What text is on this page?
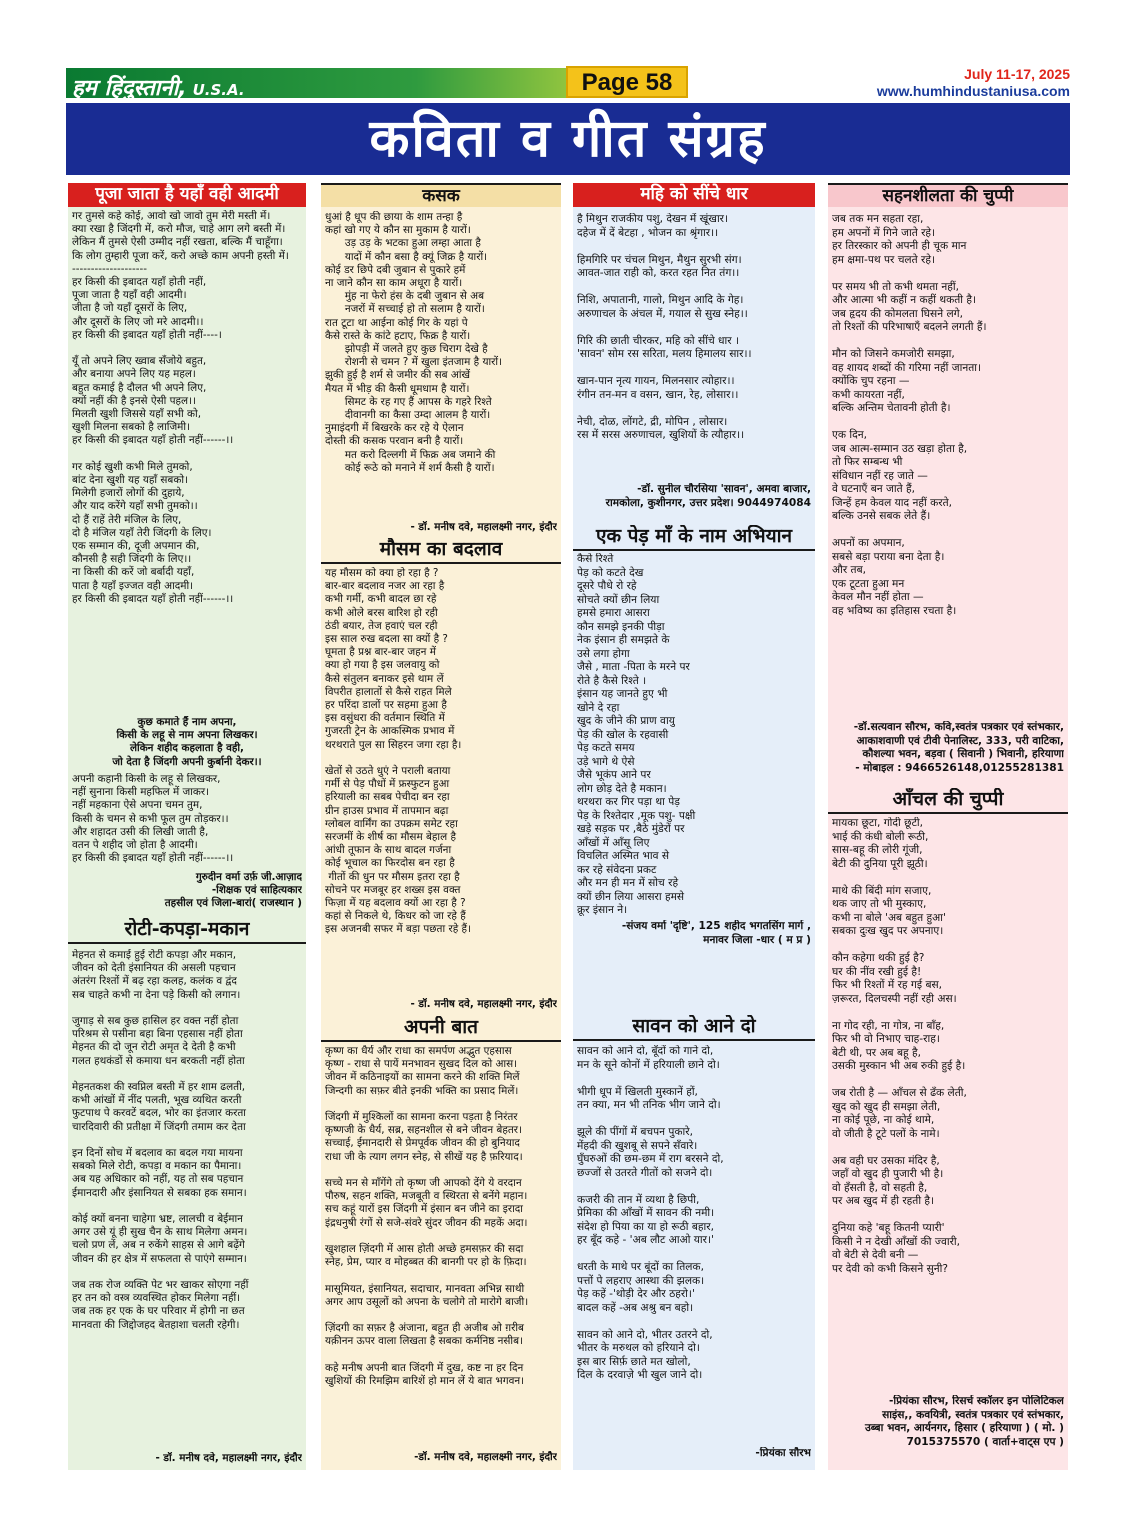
हम हिंदुस्तानी, U.S.A.	Page 58	July 11-17, 2025
www.humhindustaniusa.com
कविता व गीत संग्रह
पूजा जाता है यहाँ वही आदमी
गर तुमसे कहे कोई, आवो खो जावो तुम मेरी मस्ती में।
क्या रखा है जिंदगी में, करो मौज, चाहे आग लगे बस्ती में।
लेकिन मैं तुमसे ऐसी उम्मीद नहीं रखता, बल्कि मैं चाहूँगा।
कि लोग तुम्हारी पूजा करें, करो अच्छे काम अपनी हस्ती में।
--------------------
हर किसी की इबादत यहाँ होती नहीं,
पूजा जाता है यहाँ वही आदमी।
जीता है जो यहाँ दूसरों के लिए,
और दूसरों के लिए जो मरे आदमी।।
हर किसी की इबादत यहाँ होती नहीं----।

यूँ तो अपने लिए ख्वाब सँजोये बहुत,
और बनाया अपने लिए यह महल।
बहुत कमाई है दौलत भी अपने लिए,
क्यों नहीं की है इनसे ऐसी पहल।।
मिलती खुशी जिससे यहाँ सभी को,
खुशी मिलना सबको है लाजिमी।
हर किसी की इबादत यहाँ होती नहीं------।।

गर कोई खुशी कभी मिले तुमको,
बांट देना खुशी यह यहाँ सबको।
मिलेगी हजारों लोगों की दुहाये,
और याद करेंगे यहाँ सभी तुमको।।
दो हैं राहें तेरी मंजिल के लिए,
दो है मंजिल यहाँ तेरी जिंदगी के लिए।
एक सम्मान की, दूजी अपमान की,
कौनसी है सही जिंदगी के लिए।।
ना किसी की करें जो बर्बादी यहाँ,
पाता है यहाँ इज्जत वही आदमी।
हर किसी की इबादत यहाँ होती नहीं------।।
कुछ कमाते हैं नाम अपना,
किसी के लहू से नाम अपना लिखकर।
लेकिन शहीद कहलाता है वही,
जो देता है जिंदगी अपनी कुर्बानी देकर।।
अपनी कहानी किसी के लहू से लिखकर,
नहीं सुनाना किसी महफिल में जाकर।
नहीं महकाना ऐसे अपना चमन तुम,
किसी के चमन से कभी फूल तुम तोड़कर।।
और शहादत उसी की लिखी जाती है,
वतन पे शहीद जो होता है आदमी।
हर किसी की इबादत यहाँ होती नहीं------।।
गुरुदीन वर्मा उर्फ़ जी.आज़ाद
-शिक्षक एवं साहित्यकार
तहसील एवं जिला-बारां( राजस्थान )
रोटी-कपड़ा-मकान
मेहनत से कमाई हुई रोटी कपड़ा और मकान,
जीवन को देती इंसानियत की असली पहचान
अंतरंग रिश्तों में बढ़ रहा कलह, कलंक व द्वंद
सब चाहते कभी ना देना पड़े किसी को लगान।

जुगाड़ से सब कुछ हासिल हर वक्त नहीं होता
परिश्रम से पसीना बहा बिना एहसास नहीं होता
मेहनत की दो जून रोटी अमृत दे देती है कभी
गलत हथकंडों से कमाया धन बरकती नहीं होता

मेहनतकश की स्वप्निल बस्ती में हर शाम ढलती,
कभी आंखों में नींद पलती, भूख व्यथित करती
फुटपाथ पे करवटें बदल, भोर का इंतजार करता
चारदिवारी की प्रतीक्षा में जिंदगी तमाम कर देता

इन दिनों सोच में बदलाव का बदल गया मायना
सबको मिले रोटी, कपड़ा व मकान का पैमाना।
अब यह अधिकार को नहीं, यह तो सब पहचान
ईमानदारी और इंसानियत से सबका हक समान।

कोई क्यों बनना चाहेगा भ्रष्ट, लालची व बेईमान
अगर उसे यूं ही सुख चैन के साथ मिलेगा अमन।
चलो प्रण लें, अब न रुकेंगे साहस से आगे बढ़ेंगे
जीवन की हर क्षेत्र में सफलता से पाएंगे सम्मान।

जब तक रोज व्यक्ति पेट भर खाकर सोएगा नहीं
हर तन को वस्त्र व्यवस्थित होकर मिलेगा नहीं।
जब तक हर एक के घर परिवार में होगी ना छत
मानवता की जिद्दोजहद बेतहाशा चलती रहेगी।
- डॉ. मनीष दवे, महालक्ष्मी नगर, इंदौर
कसक
धुआं है धूप की छाया के शाम तन्हा है
कहां खो गए ये कौन सा मुकाम है यारों।
उड़ उड़ के भटका हुआ लम्हा आता है
यादों में कौन बसा है क्यूं जिक्र है यारों।
कोई डर छिपे दबी जुबान से पुकारे हमें
ना जाने कौन सा काम अधूरा है यारों।
मुंह ना फेरो हंस के दबी जुबान से अब
नजरों में सच्चाई हो तो सलाम है यारों।
रात टूटा था आईना कोई गिर के यहां पे
कैसे रास्ते के कांटे हटाए, फिक्र है यारों।
झोपड़ी में जलते हुए कुछ चिराग देखे है
रोशनी से चमन ? में खुला इंतजाम है यारों।
झुकी हुई है शर्म से जमीर की सब आंखें
मैयत में भीड़ की कैसी धूमधाम है यारों।
सिमट के रह गए हैं आपस के गहरे रिश्ते
दीवानगी का कैसा उम्दा आलम है यारों।
नुमाइंदगी में बिखरके कर रहे ये ऐलान
दोस्ती की कसक परवान बनी है यारों।
मत करो दिल्लगी में फिक्र अब जमाने की
कोई रूठे को मनाने में शर्म कैसी है यारों।
- डॉ. मनीष दवे, महालक्ष्मी नगर, इंदौर
मौसम का बदलाव
यह मौसम को क्या हो रहा है ?
बार-बार बदलाव नजर आ रहा है
कभी गर्मी, कभी बादल छा रहे
कभी ओले बरस बारिश हो रही
ठंडी बयार, तेज हवाएं चल रही
इस साल रुख बदला सा क्यों है ?
घूमता है प्रश्न बार-बार जहन में
क्या हो गया है इस जलवायु को
कैसे संतुलन बनाकर इसे थाम लें
विपरीत हालातों से कैसे राहत मिले
हर परिंदा डालों पर सहमा हुआ है
इस वसुंधरा की वर्तमान स्थिति में
गुजरती ट्रेन के आकस्मिक प्रभाव में
थरथराते पुल सा सिहरन जगा रहा है।

खेतों से उठते धुएं ने पराली बताया
गर्मी से पेड़ पौधों में फ्रस्फुटन हुआ
हरियाली का सबब पेचीदा बन रहा
ग्रीन हाउस प्रभाव में तापमान बढ़ा
ग्लोबल वार्मिंग का उपक्रम समेट रहा
सरजमीं के शीर्ष का मौसम बेहाल है
आंधी तूफान के साथ बादल गर्जना
कोई भूचाल का फिरदोस बन रहा है
गीतों की धुन पर मौसम इतरा रहा है
सोचने पर मजबूर हर शख्स इस वक्त
फिज़ा में यह बदलाव क्यों आ रहा है ?
कहां से निकले थे, किधर को जा रहे हैं
इस अजनबी सफर में बड़ा पछता रहे हैं।
- डॉ. मनीष दवे, महालक्ष्मी नगर, इंदौर
अपनी बात
कृष्ण का धैर्य और राधा का समर्पण अद्भुत एहसास
कृष्ण - राधा से पायें मनभावन सुखद दिल को आस।
जीवन में कठिनाइयों का सामना करने की शक्ति मिलें
जिन्दगी का सफ़र बीते इनकी भक्ति का प्रसाद मिलें।

जिंदगी में मुश्किलों का सामना करना पड़ता है निरंतर
कृष्णजी के धैर्य, सब्र, सहनशील से बने जीवन बेहतर।
सच्चाई, ईमानदारी से प्रेमपूर्वक जीवन की हो बुनियाद
राधा जी के त्याग लगन स्नेह, से सीखें यह है फ़रियाद।

सच्चे मन से माँगेंगे तो कृष्ण जी आपको देंगे ये वरदान
पौरुष, सहन शक्ति, मजबूती व स्थिरता से बनेंगे महान।
सच कहूं यारों इस जिंदगी में इंसान बन जीने का इरादा
इंद्रधनुषी रंगों से सजे-संवरे सुंदर जीवन की महकें अदा।

खुशहाल ज़िंदगी में आस होती अच्छे हमसफ़र की सदा
स्नेह, प्रेम, प्यार व मोहब्बत की बानगी पर हो के फ़िदा।

मासूमियत, इंसानियत, सदाचार, मानवता अभिन्न साथी
अगर आप उसूलों को अपना के चलोगे तो मारोगे बाजी।

ज़िंदगी का सफ़र है अंजाना, बहुत ही अजीब ओ ग़रीब
यक़ीनन ऊपर वाला लिखता है सबका कर्मनिष्ठ नसीब।

कहे मनीष अपनी बात जिंदगी में दुख, कष्ट ना हर दिन
खुशियों की रिमझिम बारिशें हो मान लें ये बात भगवन।
-डॉ. मनीष दवे, महालक्ष्मी नगर, इंदौर
महि को सींचे धार
है मिथुन राजकीय पशु, देखन में खूंखार।
दहेज में दें बेटहा , भोजन का श्रृंगार।।

हिमगिरि पर चंचल मिथुन, मैथुन सुरभी संग।
आवत-जात राही को, करत रहत नित तंग।।

निशि, अपातानी, गालो, मिथुन आदि के गेह।
अरुणाचल के अंचल में, गयाल से सुख स्नेह।।

गिरि की छाती चीरकर, महि को सींचे धार ।
'सावन' सोम रस सरिता, मलय हिमालय सार।।

खान-पान नृत्य गायन, मिलनसार त्योहार।।
रंगीन तन-मन व वसन, खान, रेह, लोसार।।

नेची, दोळ, लोंगटे, द्री, मोपिन , लोसार।
रस में सरस अरुणाचल, खुशियों के त्यौहार।।
-डॉ. सुनील चौरसिया 'सावन', अमवा बाजार,
रामकोला, कुशीनगर, उत्तर प्रदेश। 9044974084
एक पेड़ माँ के नाम अभियान
कैसे रिश्ते
पेड़ को कटते देख
दूसरे पौधे रो रहे
सोचते क्यों छीन लिया
हमसे हमारा आसरा
कौन समझे इनकी पीड़ा
नेक इंसान ही समझते के
उसे लगा होगा
जैसे , माता -पिता के मरने पर
रोते है कैसे रिश्ते ।
इंसान यह जानते हुए भी
खोने दे रहा
खुद के जीने की प्राण वायु
पेड़ की खोल के रहवासी
पेड़ कटते समय
उड़े भागे थे ऐसे
जैसे भूकंप आने पर
लोग छोड़ देते है मकान।
थरथरा कर गिर पड़ा था पेड़
पेड़ के रिश्तेदार ,मूक पशु- पक्षी
खड़े सड़क पर ,बैठे मुंडेरों पर
आँखों में आँसू लिए
विचलित अस्मित भाव से
कर रहे संवेदना प्रकट
और मन ही मन में सोच रहे
क्यों छीन लिया आसरा हमसे
क्रूर इंसान ने।
-संजय वर्मा 'दृष्टि', 125 शहीद भगतसिंग मार्ग ,
मनावर जिला -धार ( म प्र )
सावन को आने दो
सावन को आने दो, बूँदों को गाने दो,
मन के सूने कोनों में हरियाली छाने दो।

भीगी धूप में खिलती मुस्कानें हों,
तन क्या, मन भी तनिक भीग जाने दो।

झूले की पींगों में बचपन पुकारे,
मेंहदी की खुशबू से सपने सँवारे।
घुँघरुओं की छम-छम में राग बरसने दो,
छज्जों से उतरते गीतों को सजने दो।

कजरी की तान में व्यथा है छिपी,
प्रेमिका की आँखों में सावन की नमी।
संदेश हो पिया का या हो रूठी बहार,
हर बूँद कहे - 'अब लौट आओ यार।'

धरती के माथे पर बूंदों का तिलक,
पत्तों पे लहराए आस्था की झलक।
पेड़ कहें -'थोड़ी देर और ठहरो।'
बादल कहें -अब अश्रु बन बहो।

सावन को आने दो, भीतर उतरने दो,
भीतर के मरुथल को हरियाने दो।
इस बार सिर्फ़ छाते मत खोलो,
दिल के दरवाज़े भी खुल जाने दो।
-प्रियंका सौरभ
सहनशीलता की चुप्पी
जब तक मन सहता रहा,
हम अपनों में गिने जाते रहे।
हर तिरस्कार को अपनी ही चूक मान
हम क्षमा-पथ पर चलते रहे।

पर समय भी तो कभी थमता नहीं,
और आत्मा भी कहीं न कहीं थकती है।
जब हृदय की कोमलता घिसने लगे,
तो रिश्तों की परिभाषाएँ बदलने लगती हैं।

मौन को जिसने कमजोरी समझा,
वह शायद शब्दों की गरिमा नहीं जानता।
क्योंकि चुप रहना —
कभी कायरता नहीं,
बल्कि अन्तिम चेतावनी होती है।

एक दिन,
जब आत्म-सम्मान उठ खड़ा होता है,
तो फिर सम्बन्ध भी
संविधान नहीं रह जाते —
वे घटनाएँ बन जाते हैं,
जिन्हें हम केवल याद नहीं करते,
बल्कि उनसे सबक लेते हैं।

अपनों का अपमान,
सबसे बड़ा पराया बना देता है।
और तब,
एक टूटता हुआ मन
केवल मौन नहीं होता —
वह भविष्य का इतिहास रचता है।
-डॉ.सत्यवान सौरभ, कवि,स्वतंत्र पत्रकार एवं स्तंभकार,
आकाशवाणी एवं टीवी पेनालिस्ट, 333, परी वाटिका,
कौशल्या भवन, बड़वा ( सिवानी ) भिवानी, हरियाणा
- मोबाइल : 9466526148,01255281381
आँचल की चुप्पी
मायका छूटा, गोदी छूटी,
भाई की कंधी बोली रूठी,
सास-बहू की लोरी गूंजी,
बेटी की दुनिया पूरी झूठी।

माथे की बिंदी मांग सजाए,
थक जाए तो भी मुस्काए,
कभी ना बोले 'अब बहुत हुआ'
सबका दुःख खुद पर अपनाए।

कौन कहेगा थकी हुई है?
घर की नींव रखी हुई है!
फिर भी रिश्तों में रह गई बस,
ज़रूरत, दिलचस्पी नहीं रही अस।

ना गोद रही, ना गोत्र, ना बाँह,
फिर भी वो निभाए चाह-राह।
बेटी थी, पर अब बहू है,
उसकी मुस्कान भी अब रुकी हुई है।

जब रोती है — आँचल से ढँक लेती,
खुद को खुद ही समझा लेती,
ना कोई पूछे, ना कोई थामे,
वो जीती है टूटे पलों के नामे।

अब वही घर उसका मंदिर है,
जहाँ वो खुद ही पुजारी भी है।
वो हँसती है, वो सहती है,
पर अब खुद में ही रहती है।

दुनिया कहे 'बहू कितनी प्यारी'
किसी ने न देखी आँखों की ज्वारी,
वो बेटी से देवी बनी —
पर देवी को कभी किसने सुनी?
-प्रियंका सौरभ, रिसर्च स्कॉलर इन पोलिटिकल
साइंस,, कवयित्री, स्वतंत्र पत्रकार एवं स्तंभकार,
उब्बा भवन, आर्यनगर, हिसार ( हरियाणा ) ( मो. )
7015375570 ( वार्ता+वाट्स एप )
